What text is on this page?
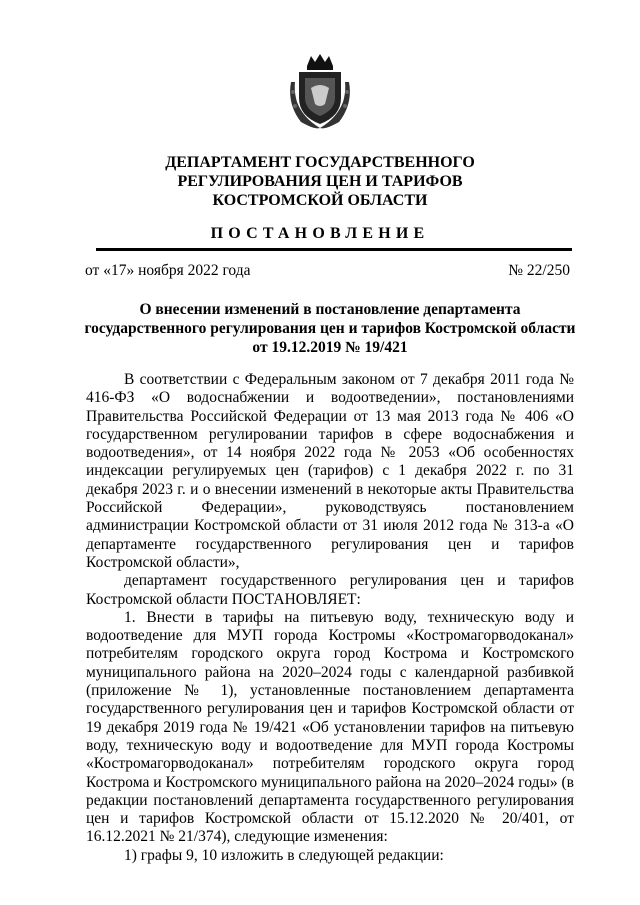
ДЕПАРТАМЕНТ ГОСУДАРСТВЕННОГО
РЕГУЛИРОВАНИЯ ЦЕН И ТАРИФОВ
КОСТРОМСКОЙ ОБЛАСТИ
ПОСТАНОВЛЕНИЕ
от «17» ноября 2022 года	№ 22/250
О внесении изменений в постановление департамента
государственного регулирования цен и тарифов Костромской области
от 19.12.2019 № 19/421

В соответствии с Федеральным законом от 7 декабря 2011 года № 416-ФЗ «О водоснабжении и водоотведении», постановлениями Правительства Российской Федерации от 13 мая 2013 года № 406 «О государственном регулировании тарифов в сфере водоснабжения и водоотведения», от 14 ноября 2022 года № 2053 «Об особенностях индексации регулируемых цен (тарифов) с 1 декабря 2022 г. по 31 декабря 2023 г. и о внесении изменений в некоторые акты Правительства Российской Федерации», руководствуясь постановлением администрации Костромской области от 31 июля 2012 года № 313-а «О департаменте государственного регулирования цен и тарифов Костромской области»,

департамент государственного регулирования цен и тарифов Костромской области ПОСТАНОВЛЯЕТ:

1. Внести в тарифы на питьевую воду, техническую воду и водоотведение для МУП города Костромы «Костромагорводоканал» потребителям городского округа город Кострома и Костромского муниципального района на 2020–2024 годы с календарной разбивкой (приложение № 1), установленные постановлением департамента государственного регулирования цен и тарифов Костромской области от 19 декабря 2019 года № 19/421 «Об установлении тарифов на питьевую воду, техническую воду и водоотведение для МУП города Костромы «Костромагорводоканал» потребителям городского округа город Кострома и Костромского муниципального района на 2020–2024 годы» (в редакции постановлений департамента государственного регулирования цен и тарифов Костромской области от 15.12.2020 № 20/401, от 16.12.2021 № 21/374), следующие изменения:

1) графы 9, 10 изложить в следующей редакции:
